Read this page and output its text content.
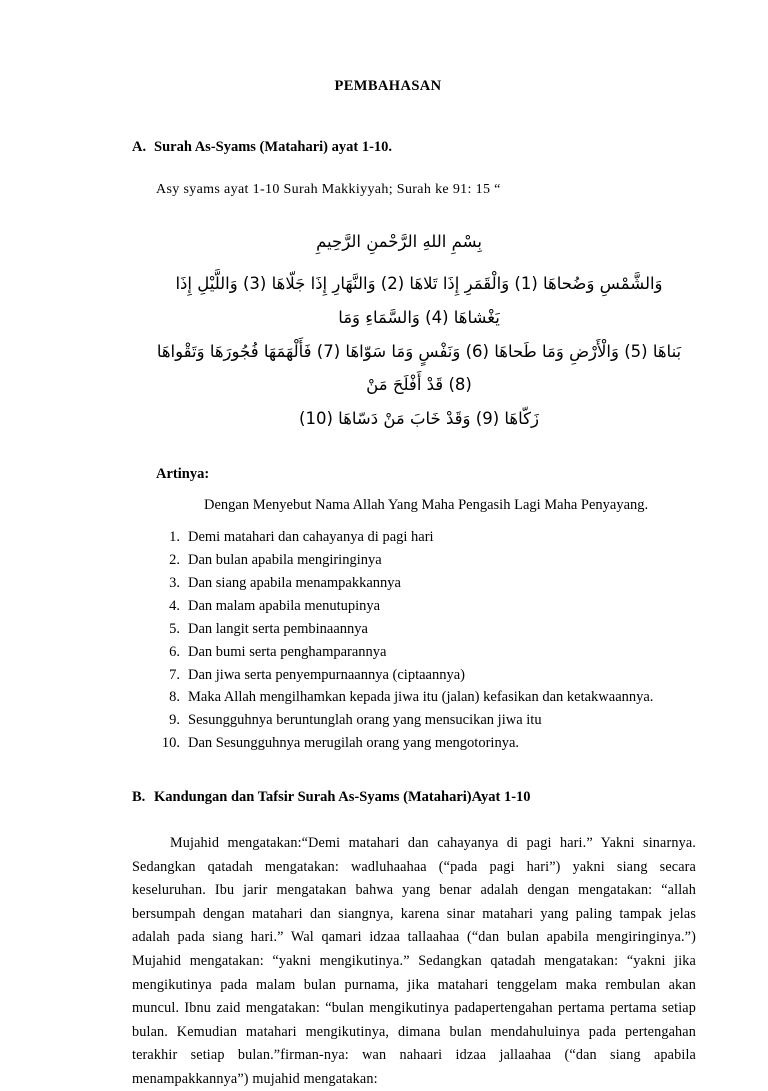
PEMBAHASAN
A. Surah As-Syams (Matahari) ayat 1-10.
Asy syams ayat 1-10 Surah Makkiyyah; Surah ke 91: 15 “
بِسْمِ اللهِ الرَّحْمنِ الرَّحِيمِ
وَالشَّمْسِ وَضُحاهَا (1) وَالْقَمَرِ إِذَا تَلاهَا (2) وَالنَّهَارِ إِذَا جَلّاهَا (3) وَاللَّيْلِ إِذَا يَغْشاهَا (4) وَالسَّمَاءِ وَمَا
بَناهَا (5) وَالْأَرْضِ وَمَا طَحاهَا (6) وَنَفْسٍ وَمَا سَوّاهَا (7) فَأَلْهَمَهَا فُجُورَهَا وَتَقْواهَا (8) قَدْ أَفْلَحَ مَنْ
زَكّاهَا (9) وَقَدْ خَابَ مَنْ دَسّاهَا (10)
Artinya:
Dengan Menyebut Nama Allah Yang Maha Pengasih Lagi Maha Penyayang.
1. Demi matahari dan cahayanya di pagi hari
2. Dan bulan apabila mengiringinya
3. Dan siang apabila menampakkannya
4. Dan malam apabila menutupinya
5. Dan langit serta pembinaannya
6. Dan bumi serta penghamparannya
7. Dan jiwa serta penyempurnaannya (ciptaannya)
8. Maka Allah mengilhamkan kepada jiwa itu (jalan) kefasikan dan ketakwaannya.
9. Sesungguhnya beruntunglah orang yang mensucikan jiwa itu
10. Dan Sesungguhnya merugilah orang yang mengotorinya.
B. Kandungan dan Tafsir Surah As-Syams (Matahari)Ayat 1-10

Mujahid mengatakan:“Demi matahari dan cahayanya di pagi hari.” Yakni sinarnya. Sedangkan qatadah mengatakan: wadluhaahaa (“pada pagi hari”) yakni siang secara keseluruhan. Ibu jarir mengatakan bahwa yang benar adalah dengan mengatakan: “allah bersumpah dengan matahari dan siangnya, karena sinar matahari yang paling tampak jelas adalah pada siang hari.” Wal qamari idzaa tallaahaa (“dan bulan apabila mengiringinya.”) Mujahid mengatakan: “yakni mengikutinya.” Sedangkan qatadah mengatakan: “yakni jika mengikutinya pada malam bulan purnama, jika matahari tenggelam maka rembulan akan muncul. Ibnu zaid mengatakan: “bulan mengikutinya padapertengahan pertama pertama setiap bulan. Kemudian matahari mengikutinya, dimana bulan mendahuluinya pada pertengahan terakhir setiap bulan.”firman-nya: wan nahaari idzaa jallaahaa (“dan siang apabila menampakkannya”) mujahid mengatakan:
